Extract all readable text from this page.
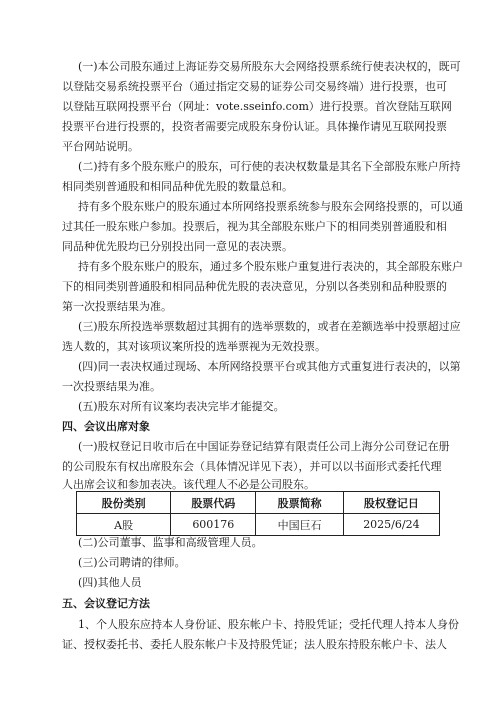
(一)本公司股东通过上海证券交易所股东大会网络投票系统行使表决权的，既可
以登陆交易系统投票平台（通过指定交易的证券公司交易终端）进行投票，也可
以登陆互联网投票平台（网址：vote.sseinfo.com）进行投票。首次登陆互联网
投票平台进行投票的，投资者需要完成股东身份认证。具体操作请见互联网投票
平台网站说明。
(二)持有多个股东账户的股东，可行使的表决权数量是其名下全部股东账户所持
相同类别普通股和相同品种优先股的数量总和。
持有多个股东账户的股东通过本所网络投票系统参与股东会网络投票的，可以通
过其任一股东账户参加。投票后，视为其全部股东账户下的相同类别普通股和相
同品种优先股均已分别投出同一意见的表决票。
持有多个股东账户的股东，通过多个股东账户重复进行表决的，其全部股东账户
下的相同类别普通股和相同品种优先股的表决意见，分别以各类别和品种股票的
第一次投票结果为准。
(三)股东所投选举票数超过其拥有的选举票数的，或者在差额选举中投票超过应
选人数的，其对该项议案所投的选举票视为无效投票。
(四)同一表决权通过现场、本所网络投票平台或其他方式重复进行表决的，以第
一次投票结果为准。
(五)股东对所有议案均表决完毕才能提交。
四、会议出席对象
(一)股权登记日收市后在中国证券登记结算有限责任公司上海分公司登记在册
的公司股东有权出席股东会（具体情况详见下表），并可以以书面形式委托代理
人出席会议和参加表决。该代理人不必是公司股东。
股份类别	股票代码	股票简称	股权登记日
A股	600176	中国巨石	2025/6/24
(二)公司董事、监事和高级管理人员。
(三)公司聘请的律师。
(四)其他人员
五、会议登记方法
1、个人股东应持本人身份证、股东帐户卡、持股凭证；受托代理人持本人身份
证、授权委托书、委托人股东帐户卡及持股凭证；法人股东持股东帐户卡、法人
